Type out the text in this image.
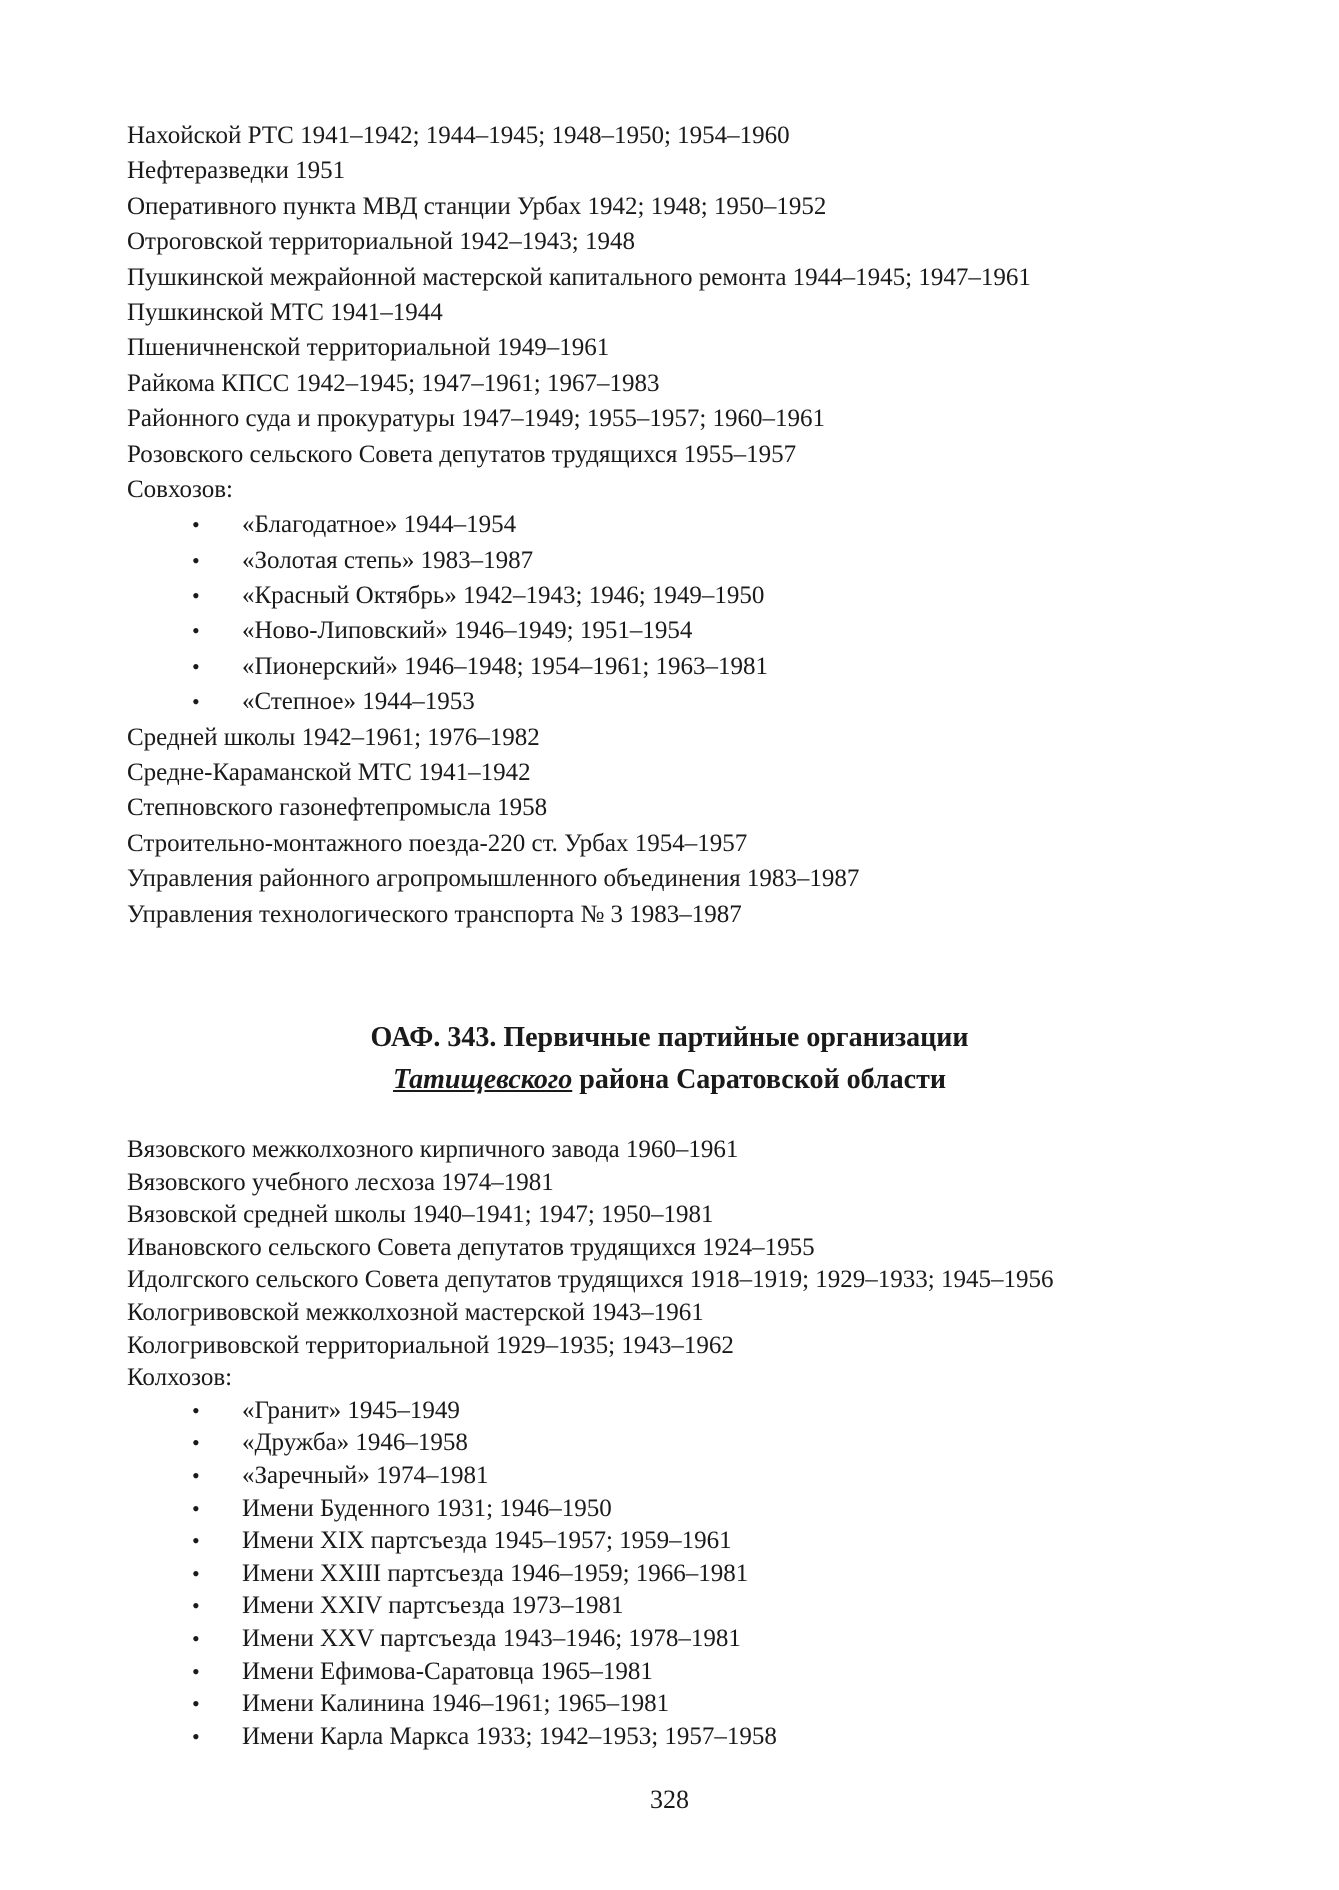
Нахойской РТС 1941–1942; 1944–1945; 1948–1950; 1954–1960
Нефтеразведки 1951
Оперативного пункта МВД станции Урбах 1942; 1948; 1950–1952
Отроговской территориальной 1942–1943; 1948
Пушкинской межрайонной мастерской капитального ремонта 1944–1945; 1947–1961
Пушкинской МТС 1941–1944
Пшеничненской территориальной 1949–1961
Райкома КПСС 1942–1945; 1947–1961; 1967–1983
Районного суда и прокуратуры 1947–1949; 1955–1957; 1960–1961
Розовского сельского Совета депутатов трудящихся 1955–1957
Совхозов:
• «Благодатное» 1944–1954
• «Золотая степь» 1983–1987
• «Красный Октябрь» 1942–1943; 1946; 1949–1950
• «Ново-Липовский» 1946–1949; 1951–1954
• «Пионерский» 1946–1948; 1954–1961; 1963–1981
• «Степное» 1944–1953
Средней школы 1942–1961; 1976–1982
Средне-Караманской МТС 1941–1942
Степновского газонефтепромысла 1958
Строительно-монтажного поезда-220 ст. Урбах 1954–1957
Управления районного агропромышленного объединения 1983–1987
Управления технологического транспорта № 3 1983–1987
ОАФ. 343. Первичные партийные организации
Татищевского района Саратовской области
Вязовского межколхозного кирпичного завода 1960–1961
Вязовского учебного лесхоза 1974–1981
Вязовской средней школы 1940–1941; 1947; 1950–1981
Ивановского сельского Совета депутатов трудящихся 1924–1955
Идолгского сельского Совета депутатов трудящихся 1918–1919; 1929–1933; 1945–1956
Кологривовской межколхозной мастерской 1943–1961
Кологривовской территориальной 1929–1935; 1943–1962
Колхозов:
• «Гранит» 1945–1949
• «Дружба» 1946–1958
• «Заречный» 1974–1981
• Имени Буденного 1931; 1946–1950
• Имени XIX партсъезда 1945–1957; 1959–1961
• Имени XXIII партсъезда 1946–1959; 1966–1981
• Имени XXIV партсъезда 1973–1981
• Имени XXV партсъезда 1943–1946; 1978–1981
• Имени Ефимова-Саратовца 1965–1981
• Имени Калинина 1946–1961; 1965–1981
• Имени Карла Маркса 1933; 1942–1953; 1957–1958
328
